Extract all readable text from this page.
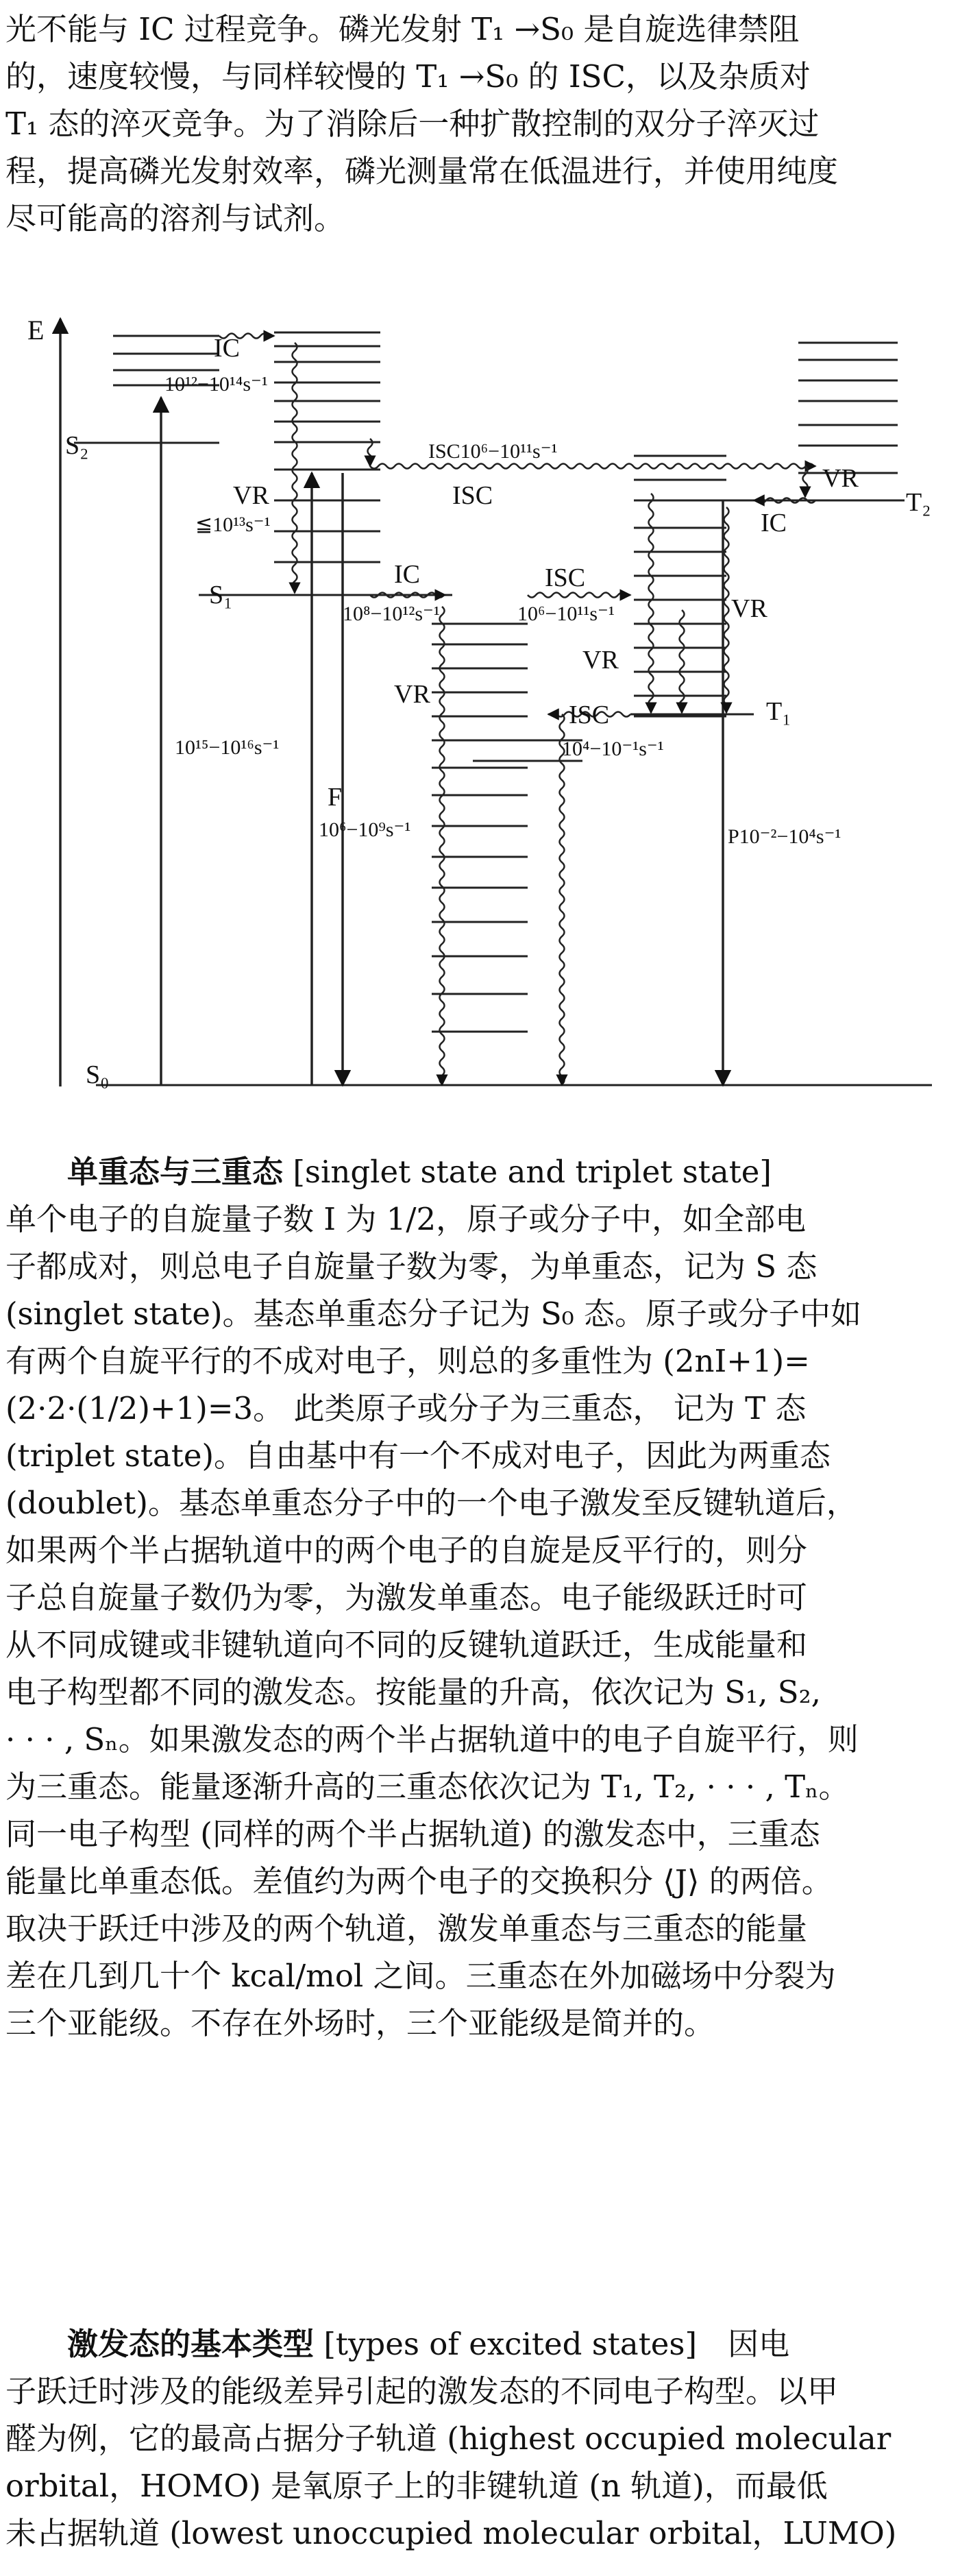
光不能与 IC 过程竞争。磷光发射 T₁ →S₀ 是自旋选律禁阻
的，速度较慢，与同样较慢的 T₁ →S₀ 的 ISC，以及杂质对
T₁ 态的淬灭竞争。为了消除后一种扩散控制的双分子淬灭过
程，提高磷光发射效率，磷光测量常在低温进行，并使用纯度
尽可能高的溶剂与试剂。
E
S₀
S₂
S₁
T₂
T₁
IC
10¹²−10¹⁴s⁻¹
ISC10⁶−10¹¹s⁻¹
ISC
VR
≦10¹³s⁻¹
IC
10⁸−10¹²s⁻¹
ISC
10⁶−10¹¹s⁻¹
VR
IC
VR
VR
VR
ISC
10⁴−10⁻¹s⁻¹
10¹⁵−10¹⁶s⁻¹
F
10⁶−10⁹s⁻¹	P10⁻²−10⁴s⁻¹
单重态与三重态 [singlet state and triplet state]
单个电子的自旋量子数 I 为 1/2，原子或分子中，如全部电
子都成对，则总电子自旋量子数为零，为单重态，记为 S 态
(singlet state)。基态单重态分子记为 S₀ 态。原子或分子中如
有两个自旋平行的不成对电子，则总的多重性为 (2nI+1)=
(2·2·(1/2)+1)=3。 此类原子或分子为三重态， 记为 T 态
(triplet state)。自由基中有一个不成对电子，因此为两重态
(doublet)。基态单重态分子中的一个电子激发至反键轨道后，
如果两个半占据轨道中的两个电子的自旋是反平行的，则分
子总自旋量子数仍为零，为激发单重态。电子能级跃迁时可
从不同成键或非键轨道向不同的反键轨道跃迁，生成能量和
电子构型都不同的激发态。按能量的升高，依次记为 S₁, S₂,
· · · , Sₙ。如果激发态的两个半占据轨道中的电子自旋平行，则
为三重态。能量逐渐升高的三重态依次记为 T₁, T₂, · · · , Tₙ。
同一电子构型 (同样的两个半占据轨道) 的激发态中，三重态
能量比单重态低。差值约为两个电子的交换积分 ⟨J⟩ 的两倍。
取决于跃迁中涉及的两个轨道，激发单重态与三重态的能量
差在几到几十个 kcal/mol 之间。三重态在外加磁场中分裂为
三个亚能级。不存在外场时，三个亚能级是简并的。
激发态的基本类型 [types of excited states]　因电
子跃迁时涉及的能级差异引起的激发态的不同电子构型。以甲
醛为例，它的最高占据分子轨道 (highest occupied molecular
orbital，HOMO) 是氧原子上的非键轨道 (n 轨道)，而最低
未占据轨道 (lowest unoccupied molecular orbital，LUMO)
